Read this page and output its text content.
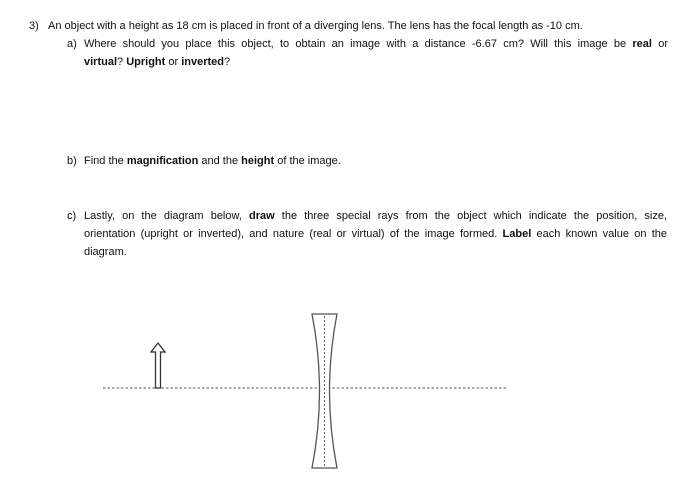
3) An object with a height as 18 cm is placed in front of a diverging lens. The lens has the focal length as -10 cm.
a) Where should you place this object, to obtain an image with a distance -6.67 cm? Will this image be real or
virtual? Upright or inverted?
b) Find the magnification and the height of the image.
c) Lastly, on the diagram below, draw the three special rays from the object which indicate the position, size,
orientation (upright or inverted), and nature (real or virtual) of the image formed. Label each known value on the
diagram.
